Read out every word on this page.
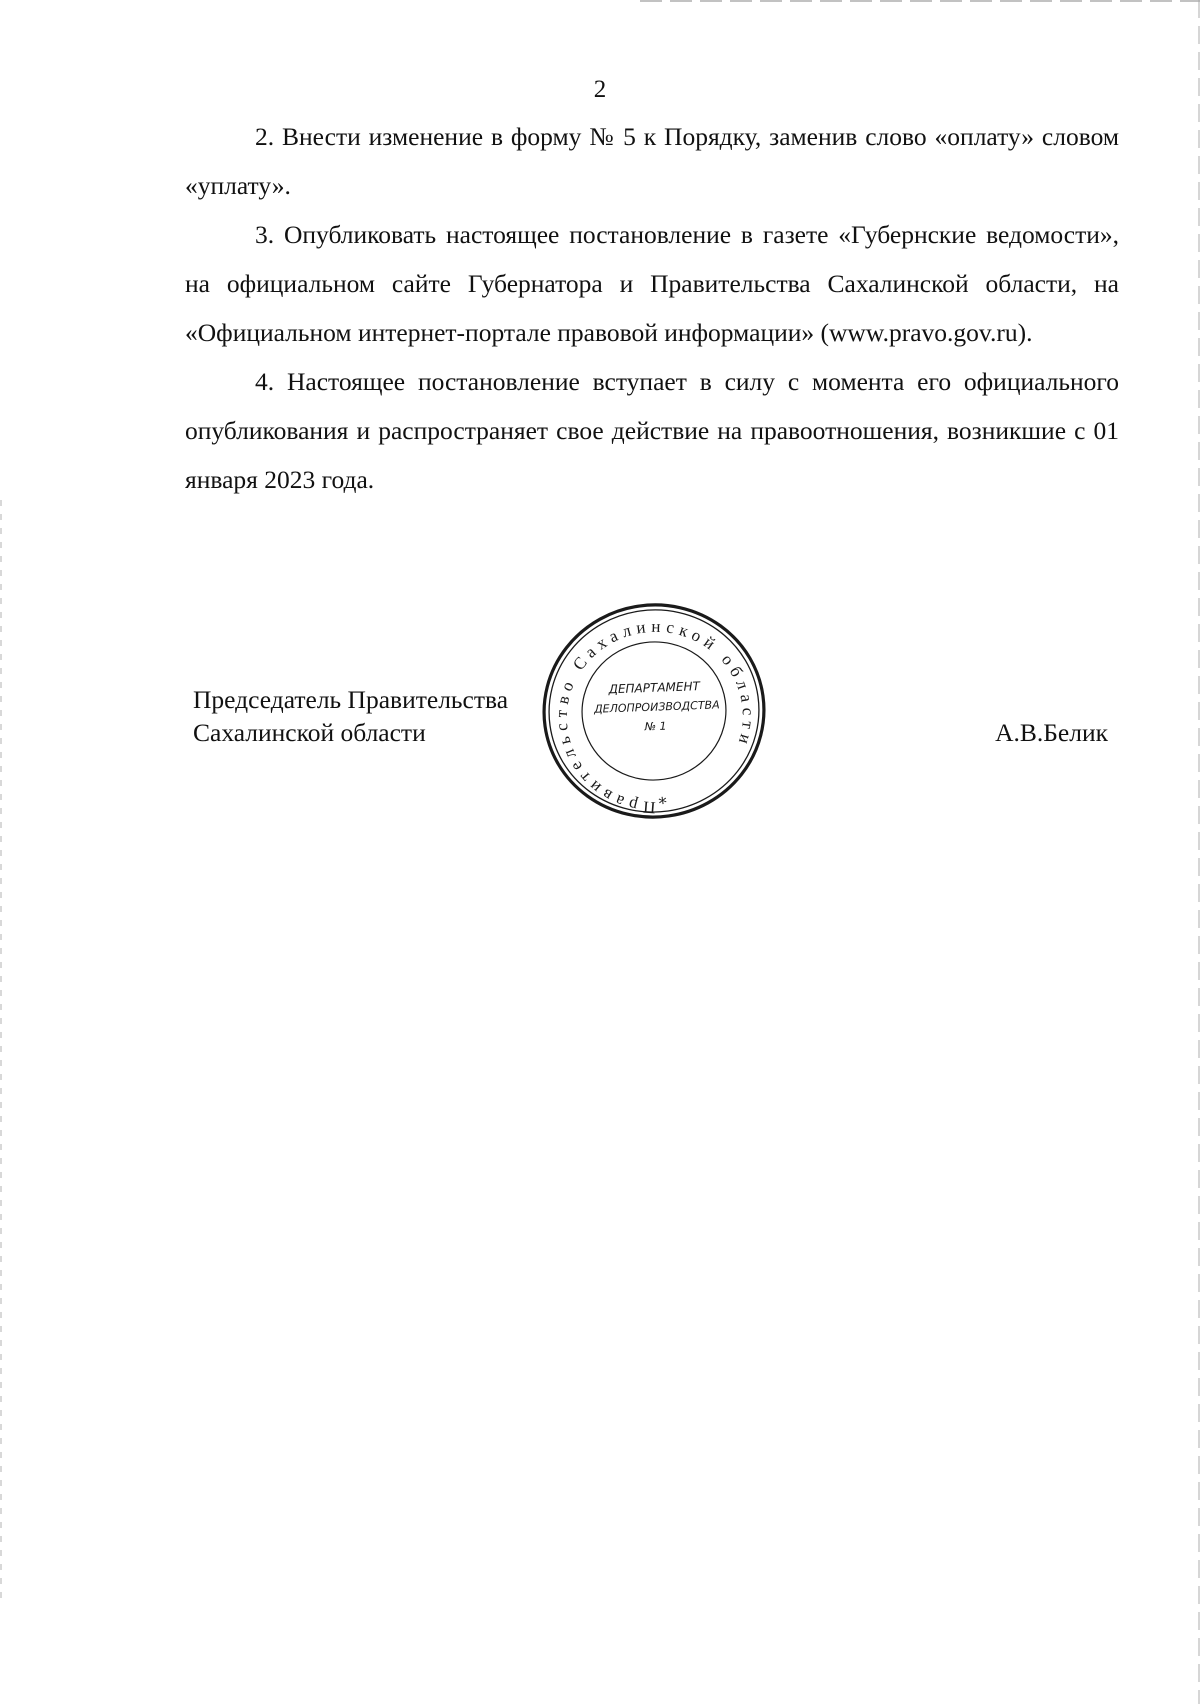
2

2. Внести изменение в форму № 5 к Порядку, заменив слово «оплату» словом «уплату».

3. Опубликовать настоящее постановление в газете «Губернские ведомости», на официальном сайте Губернатора и Правительства Сахалинской области, на «Официальном интернет-портале правовой информации» (www.pravo.gov.ru).

4. Настоящее постановление вступает в силу с момента его официального опубликования и распространяет свое действие на правоотношения, возникшие с 01 января 2023 года.

Председатель Правительства
Сахалинской области	А.В.Белик
Правительство Сахалинской области
*
ДЕПАРТАМЕНТ
ДЕЛОПРОИЗВОДСТВА
№ 1
